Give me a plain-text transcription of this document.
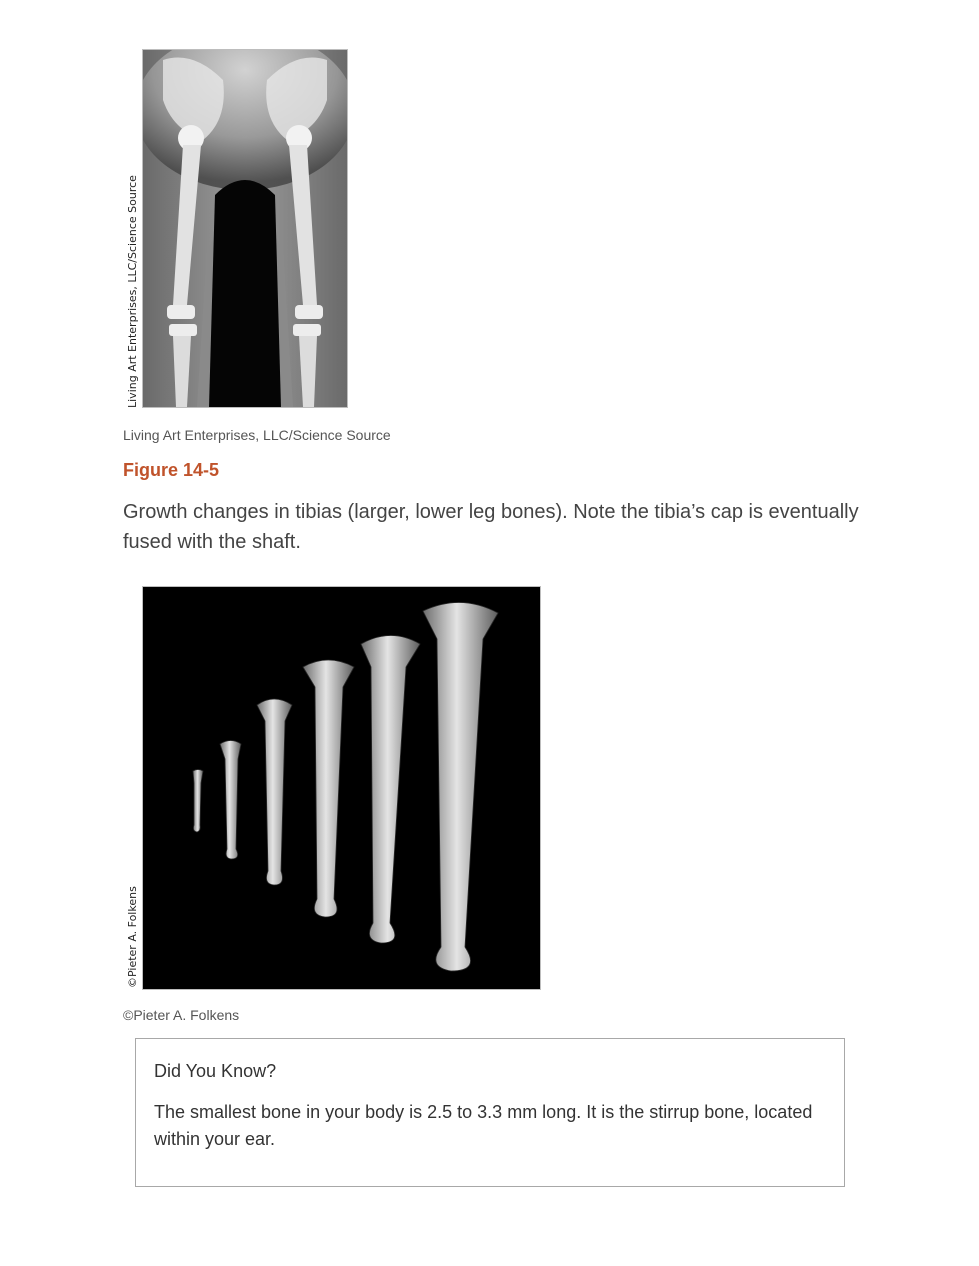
Living Art Enterprises, LLC/Science Source
Living Art Enterprises, LLC/Science Source
Figure 14-5
Growth changes in tibias (larger, lower leg bones). Note the tibia’s cap is eventually fused with the shaft.
©Pieter A. Folkens
©Pieter A. Folkens
Did You Know?
The smallest bone in your body is 2.5 to 3.3 mm long. It is the stirrup bone, located within your ear.
